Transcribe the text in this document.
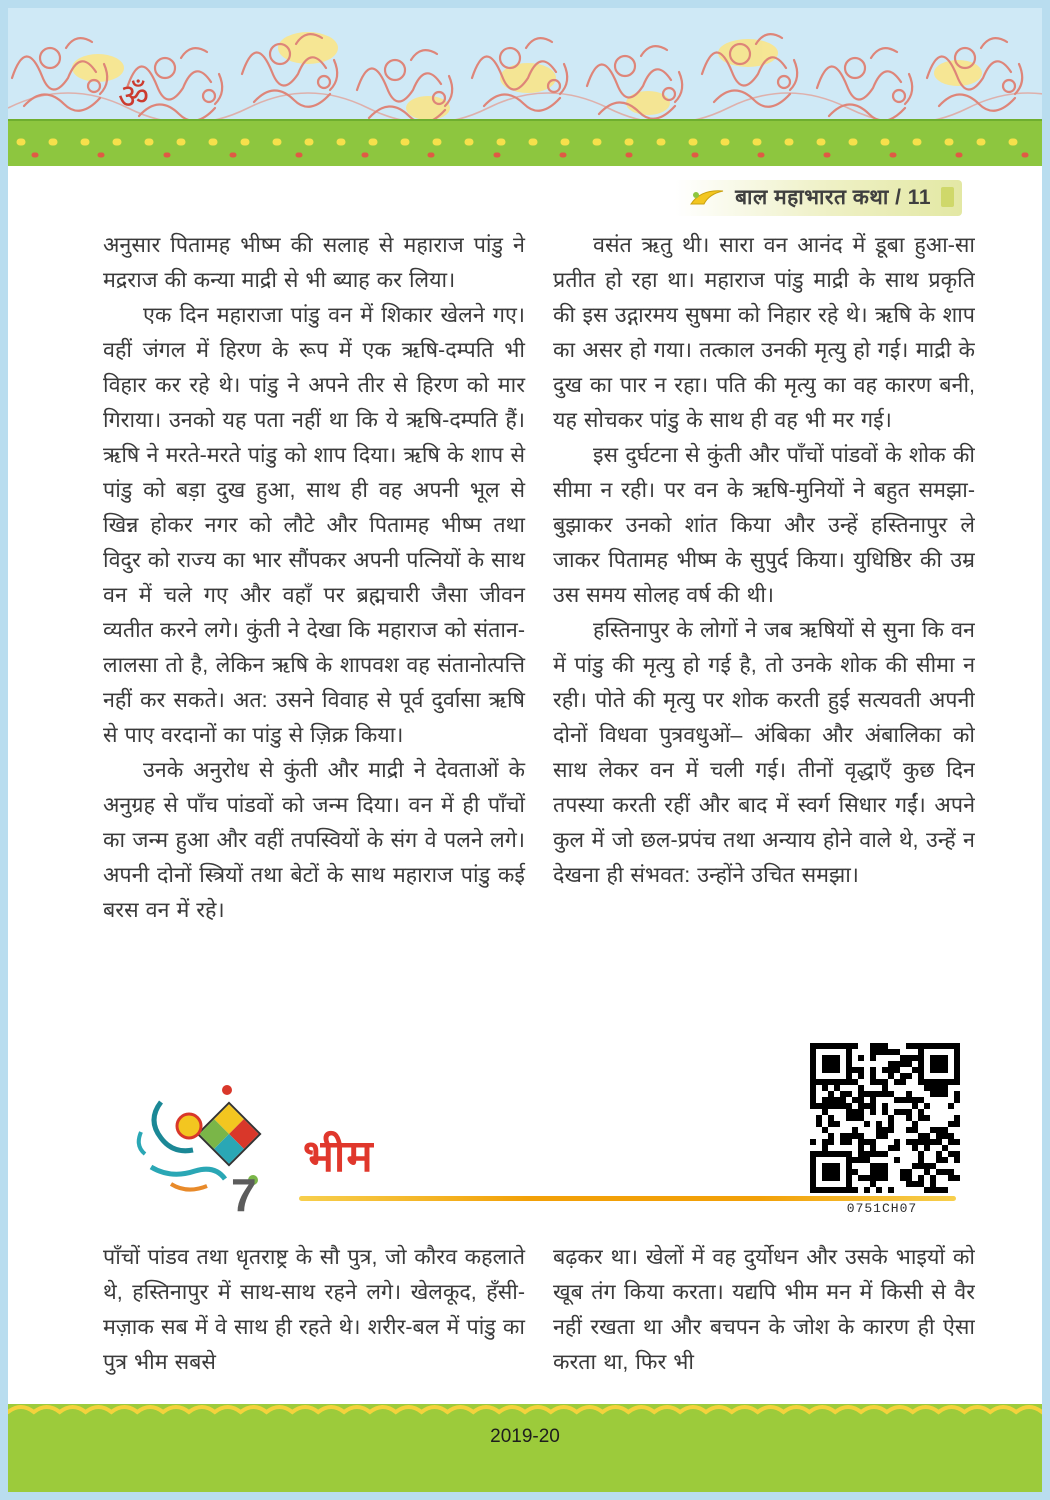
ॐ
बाल महाभारत कथा / 11

अनुसार पितामह भीष्म की सलाह से महाराज पांडु ने मद्रराज की कन्या माद्री से भी ब्याह कर लिया।

एक दिन महाराजा पांडु वन में शिकार खेलने गए। वहीं जंगल में हिरण के रूप में एक ऋषि-दम्पति भी विहार कर रहे थे। पांडु ने अपने तीर से हिरण को मार गिराया। उनको यह पता नहीं था कि ये ऋषि-दम्पति हैं। ऋषि ने मरते-मरते पांडु को शाप दिया। ऋषि के शाप से पांडु को बड़ा दुख हुआ, साथ ही वह अपनी भूल से खिन्न होकर नगर को लौटे और पितामह भीष्म तथा विदुर को राज्य का भार सौंपकर अपनी पत्नियों के साथ वन में चले गए और वहाँ पर ब्रह्मचारी जैसा जीवन व्यतीत करने लगे। कुंती ने देखा कि महाराज को संतान-लालसा तो है, लेकिन ऋषि के शापवश वह संतानोत्पत्ति नहीं कर सकते। अत: उसने विवाह से पूर्व दुर्वासा ऋषि से पाए वरदानों का पांडु से ज़िक्र किया।

उनके अनुरोध से कुंती और माद्री ने देवताओं के अनुग्रह से पाँच पांडवों को जन्म दिया। वन में ही पाँचों का जन्म हुआ और वहीं तपस्वियों के संग वे पलने लगे। अपनी दोनों स्त्रियों तथा बेटों के साथ महाराज पांडु कई बरस वन में रहे।

वसंत ऋतु थी। सारा वन आनंद में डूबा हुआ-सा प्रतीत हो रहा था। महाराज पांडु माद्री के साथ प्रकृति की इस उद्गारमय सुषमा को निहार रहे थे। ऋषि के शाप का असर हो गया। तत्काल उनकी मृत्यु हो गई। माद्री के दुख का पार न रहा। पति की मृत्यु का वह कारण बनी, यह सोचकर पांडु के साथ ही वह भी मर गई।

इस दुर्घटना से कुंती और पाँचों पांडवों के शोक की सीमा न रही। पर वन के ऋषि-मुनियों ने बहुत समझा-बुझाकर उनको शांत किया और उन्हें हस्तिनापुर ले जाकर पितामह भीष्म के सुपुर्द किया। युधिष्ठिर की उम्र उस समय सोलह वर्ष की थी।

हस्तिनापुर के लोगों ने जब ऋषियों से सुना कि वन में पांडु की मृत्यु हो गई है, तो उनके शोक की सीमा न रही। पोते की मृत्यु पर शोक करती हुई सत्यवती अपनी दोनों विधवा पुत्रवधुओं– अंबिका और अंबालिका को साथ लेकर वन में चली गई। तीनों वृद्धाएँ कुछ दिन तपस्या करती रहीं और बाद में स्वर्ग सिधार गईं। अपने कुल में जो छल-प्रपंच तथा अन्याय होने वाले थे, उन्हें न देखना ही संभवत: उन्होंने उचित समझा।

0751CH07
7
भीम

पाँचों पांडव तथा धृतराष्ट्र के सौ पुत्र, जो कौरव कहलाते थे, हस्तिनापुर में साथ-साथ रहने लगे। खेलकूद, हँसी-मज़ाक सब में वे साथ ही रहते थे। शरीर-बल में पांडु का पुत्र भीम सबसे

बढ़कर था। खेलों में वह दुर्योधन और उसके भाइयों को खूब तंग किया करता। यद्यपि भीम मन में किसी से वैर नहीं रखता था और बचपन के जोश के कारण ही ऐसा करता था, फिर भी

2019-20
